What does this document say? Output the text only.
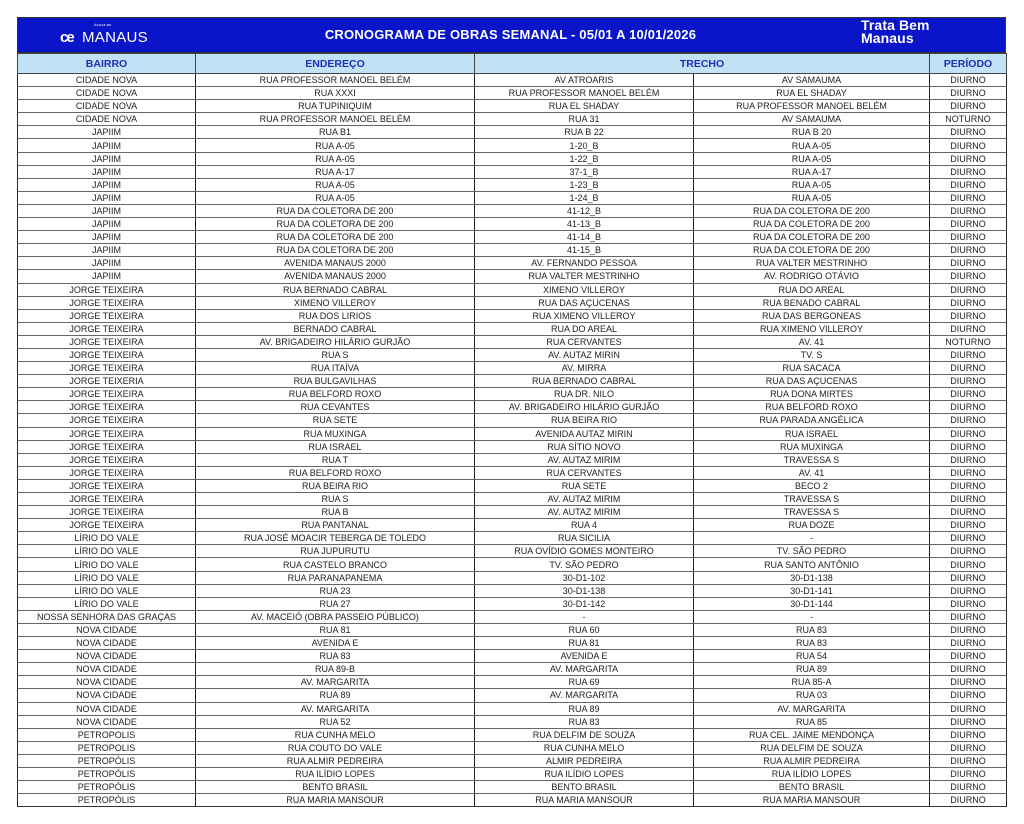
ÁGUAS DE
ce MANAUS	CRONOGRAMA DE OBRAS SEMANAL - 05/01 A 10/01/2026
Trata Bem
Manaus
BAIRRO	ENDEREÇO	TRECHO		PERÍODO
CIDADE NOVA	RUA PROFESSOR MANOEL BELÉM	AV ATROARIS	AV SAMAUMA	DIURNO
CIDADE NOVA	RUA XXXI	RUA PROFESSOR MANOEL BELÉM	RUA EL SHADAY	DIURNO
CIDADE NOVA	RUA TUPINIQUIM	RUA EL SHADAY	RUA PROFESSOR MANOEL BELÉM	DIURNO
CIDADE NOVA	RUA PROFESSOR MANOEL BELÉM	RUA 31	AV SAMAUMA	NOTURNO
JAPIIM	RUA B1	RUA B 22	RUA B 20	DIURNO
JAPIIM	RUA A-05	1-20_B	RUA A-05	DIURNO
JAPIIM	RUA A-05	1-22_B	RUA A-05	DIURNO
JAPIIM	RUA A-17	37-1_B	RUA A-17	DIURNO
JAPIIM	RUA A-05	1-23_B	RUA A-05	DIURNO
JAPIIM	RUA A-05	1-24_B	RUA A-05	DIURNO
JAPIIM	RUA DA COLETORA DE 200	41-12_B	RUA DA COLETORA DE 200	DIURNO
JAPIIM	RUA DA COLETORA DE 200	41-13_B	RUA DA COLETORA DE 200	DIURNO
JAPIIM	RUA DA COLETORA DE 200	41-14_B	RUA DA COLETORA DE 200	DIURNO
JAPIIM	RUA DA COLETORA DE 200	41-15_B	RUA DA COLETORA DE 200	DIURNO
JAPIIM	AVENIDA MANAUS 2000	AV. FERNANDO PESSOA	RUA VALTER MESTRINHO	DIURNO
JAPIIM	AVENIDA MANAUS 2000	RUA VALTER MESTRINHO	AV. RODRIGO OTÁVIO	DIURNO
JORGE TEIXEIRA	RUA BERNADO CABRAL	XIMENO VILLEROY	RUA DO AREAL	DIURNO
JORGE TEIXEIRA	XIMENO VILLEROY	RUA DAS AÇUCENAS	RUA BENADO CABRAL	DIURNO
JORGE TEIXEIRA	RUA DOS LIRIOS	RUA XIMENO VILLEROY	RUA DAS BERGONEAS	DIURNO
JORGE TEIXEIRA	BERNADO CABRAL	RUA DO AREAL	RUA XIMENO VILLEROY	DIURNO
JORGE TEIXEIRA	AV. BRIGADEIRO HILÁRIO GURJÃO	RUA CERVANTES	AV. 41	NOTURNO
JORGE TEIXEIRA	RUA S	AV. AUTAZ MIRIN	TV. S	DIURNO
JORGE TEIXEIRA	RUA ITAÍVA	AV. MIRRA	RUA SACACA	DIURNO
JORGE TEIXERIA	RUA BULGAVILHAS	RUA BERNADO CABRAL	RUA DAS AÇUCENAS	DIURNO
JORGE TEIXEIRA	RUA BELFORD ROXO	RUA DR. NILO	RUA DONA MIRTES	DIURNO
JORGE TEIXEIRA	RUA CEVANTES	AV. BRIGADEIRO HILÁRIO GURJÃO	RUA BELFORD ROXO	DIURNO
JORGE TEIXEIRA	RUA SETE	RUA BEIRA RIO	RUA PARADA ANGÉLICA	DIURNO
JORGE TEIXEIRA	RUA MUXINGA	AVENIDA AUTAZ MIRIN	RUA ISRAEL	DIURNO
JORGE TEIXEIRA	RUA ISRAEL	RUA SÍTIO NOVO	RUA MUXINGA	DIURNO
JORGE TEIXEIRA	RUA T	AV. AUTAZ MIRIM	TRAVESSA S	DIURNO
JORGE TEIXEIRA	RUA BELFORD ROXO	RUA CERVANTES	AV. 41	DIURNO
JORGE TEIXEIRA	RUA BEIRA RIO	RUA SETE	BECO 2	DIURNO
JORGE TEIXEIRA	RUA S	AV. AUTAZ MIRIM	TRAVESSA S	DIURNO
JORGE TEIXEIRA	RUA B	AV. AUTAZ MIRIM	TRAVESSA S	DIURNO
JORGE TEIXEIRA	RUA PANTANAL	RUA 4	RUA DOZE	DIURNO
LÍRIO DO VALE	RUA JOSÉ MOACIR TEBERGA DE TOLEDO	RUA SICILIA	-	DIURNO
LÍRIO DO VALE	RUA JUPURUTU	RUA OVÍDIO GOMES MONTEIRO	TV. SÃO PEDRO	DIURNO
LÍRIO DO VALE	RUA CASTELO BRANCO	TV. SÃO PEDRO	RUA SANTO ANTÔNIO	DIURNO
LÍRIO DO VALE	RUA PARANAPANEMA	30-D1-102	30-D1-138	DIURNO
LÍRIO DO VALE	RUA 23	30-D1-138	30-D1-141	DIURNO
LÍRIO DO VALE	RUA 27	30-D1-142	30-D1-144	DIURNO
NOSSA SENHORA DAS GRAÇAS	AV. MACEIÓ (OBRA PASSEIO PÚBLICO)	-	-	DIURNO
NOVA CIDADE	RUA 81	RUA 60	RUA 83	DIURNO
NOVA CIDADE	AVENIDA E	RUA 81	RUA 83	DIURNO
NOVA CIDADE	RUA 83	AVENIDA E	RUA 54	DIURNO
NOVA CIDADE	RUA 89-B	AV. MARGARITA	RUA 89	DIURNO
NOVA CIDADE	AV. MARGARITA	RUA 69	RUA 85-A	DIURNO
NOVA CIDADE	RUA 89	AV. MARGARITA	RUA 03	DIURNO
NOVA CIDADE	AV. MARGARITA	RUA 89	AV. MARGARITA	DIURNO
NOVA CIDADE	RUA 52	RUA 83	RUA 85	DIURNO
PETROPOLIS	RUA CUNHA MELO	RUA DELFIM DE SOUZA	RUA CEL. JAIME MENDONÇA	DIURNO
PETROPOLIS	RUA COUTO DO VALE	RUA CUNHA MELO	RUA DELFIM DE SOUZA	DIURNO
PETROPÓLIS	RUA ALMIR PEDREIRA	ALMIR PEDREIRA	RUA ALMIR PEDREIRA	DIURNO
PETROPÓLIS	RUA ILÍDIO LOPES	RUA ILÍDIO LOPES	RUA ILÍDIO LOPES	DIURNO
PETROPÓLIS	BENTO BRASIL	BENTO BRASIL	BENTO BRASIL	DIURNO
PETROPÓLIS	RUA MARIA MANSOUR	RUA MARIA MANSOUR	RUA MARIA MANSOUR	DIURNO
